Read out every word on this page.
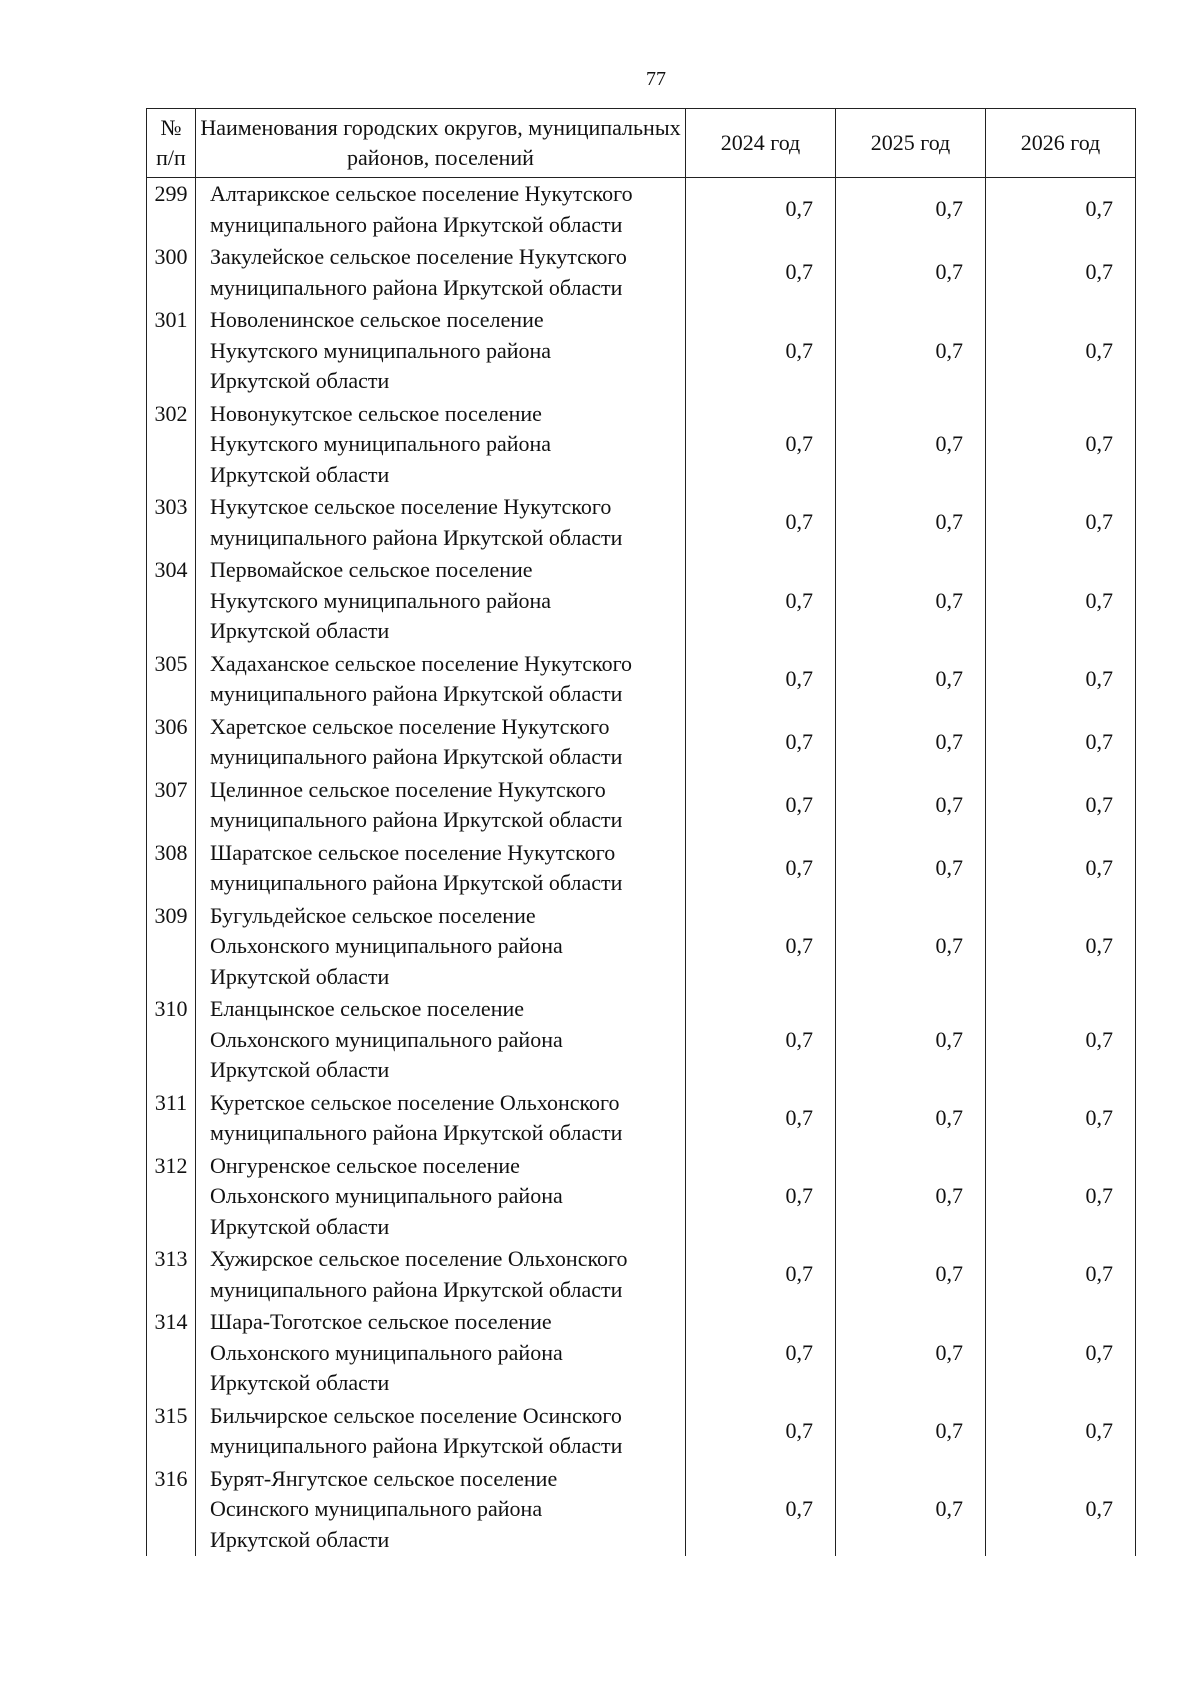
77
№ п/п	Наименования городских округов, муниципальных районов, поселений	2024 год	2025 год	2026 год
299	Алтарикское сельское поселение Нукутского
муниципального района Иркутской области	0,7	0,7	0,7
300	Закулейское сельское поселение Нукутского
муниципального района Иркутской области	0,7	0,7	0,7
301	Новоленинское сельское поселение
Нукутского муниципального района
Иркутской области	0,7	0,7	0,7
302	Новонукутское сельское поселение
Нукутского муниципального района
Иркутской области	0,7	0,7	0,7
303	Нукутское сельское поселение Нукутского
муниципального района Иркутской области	0,7	0,7	0,7
304	Первомайское сельское поселение
Нукутского муниципального района
Иркутской области	0,7	0,7	0,7
305	Хадаханское сельское поселение Нукутского
муниципального района Иркутской области	0,7	0,7	0,7
306	Харетское сельское поселение Нукутского
муниципального района Иркутской области	0,7	0,7	0,7
307	Целинное сельское поселение Нукутского
муниципального района Иркутской области	0,7	0,7	0,7
308	Шаратское сельское поселение Нукутского
муниципального района Иркутской области	0,7	0,7	0,7
309	Бугульдейское сельское поселение
Ольхонского муниципального района
Иркутской области	0,7	0,7	0,7
310	Еланцынское сельское поселение
Ольхонского муниципального района
Иркутской области	0,7	0,7	0,7
311	Куретское сельское поселение Ольхонского
муниципального района Иркутской области	0,7	0,7	0,7
312	Онгуренское сельское поселение
Ольхонского муниципального района
Иркутской области	0,7	0,7	0,7
313	Хужирское сельское поселение Ольхонского
муниципального района Иркутской области	0,7	0,7	0,7
314	Шара-Тоготское сельское поселение
Ольхонского муниципального района
Иркутской области	0,7	0,7	0,7
315	Бильчирское сельское поселение Осинского
муниципального района Иркутской области	0,7	0,7	0,7
316	Бурят-Янгутское сельское поселение
Осинского муниципального района
Иркутской области	0,7	0,7	0,7
